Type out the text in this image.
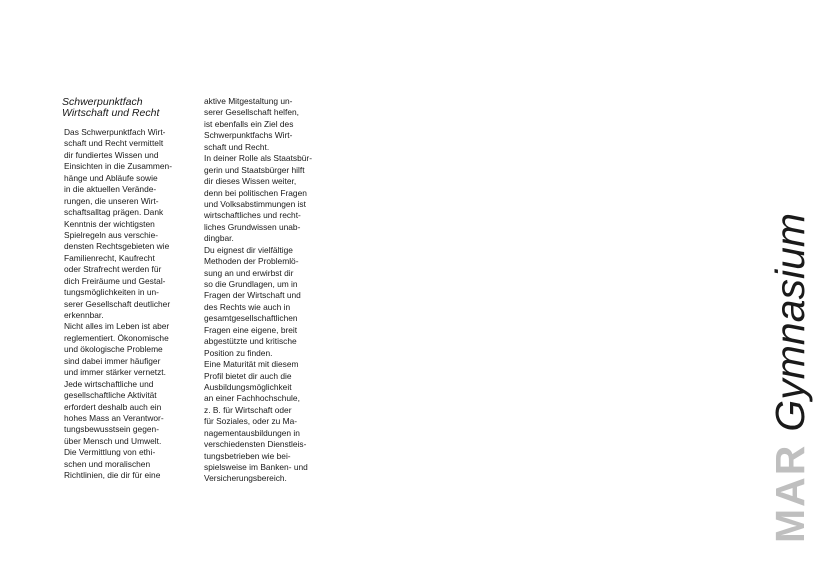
Schwerpunktfach
Wirtschaft und Recht
Das Schwerpunktfach Wirt-
schaft und Recht vermittelt
dir fundiertes Wissen und
Einsichten in die Zusammen-
hänge und Abläufe sowie
in die aktuellen Verände-
rungen, die unseren Wirt-
schaftsalltag prägen. Dank
Kenntnis der wichtigsten
Spielregeln aus verschie-
densten Rechtsgebieten wie
Familienrecht, Kaufrecht
oder Strafrecht werden für
dich Freiräume und Gestal-
tungsmöglichkeiten in un-
serer Gesellschaft deutlicher
erkennbar.
Nicht alles im Leben ist aber
reglementiert. Ökonomische
und ökologische Probleme
sind dabei immer häufiger
und immer stärker vernetzt.
Jede wirtschaftliche und
gesellschaftliche Aktivität
erfordert deshalb auch ein
hohes Mass an Verantwor-
tungsbewusstsein gegen-
über Mensch und Umwelt.
Die Vermittlung von ethi-
schen und moralischen
Richtlinien, die dir für eine
aktive Mitgestaltung un-
serer Gesellschaft helfen,
ist ebenfalls ein Ziel des
Schwerpunktfachs Wirt-
schaft und Recht.
In deiner Rolle als Staatsbür-
gerin und Staatsbürger hilft
dir dieses Wissen weiter,
denn bei politischen Fragen
und Volksabstimmungen ist
wirtschaftliches und recht-
liches Grundwissen unab-
dingbar.
Du eignest dir vielfältige
Methoden der Problemlö-
sung an und erwirbst dir
so die Grundlagen, um in
Fragen der Wirtschaft und
des Rechts wie auch in
gesamtgesellschaftlichen
Fragen eine eigene, breit
abgestützte und kritische
Position zu finden.
Eine Maturität mit diesem
Profil bietet dir auch die
Ausbildungsmöglichkeit
an einer Fachhochschule,
z. B. für Wirtschaft oder
für Soziales, oder zu Ma-
nagementausbildungen in
verschiedensten Dienstleis-
tungsbetrieben wie bei-
spielsweise im Banken- und
Versicherungsbereich.	MARGymnasium
